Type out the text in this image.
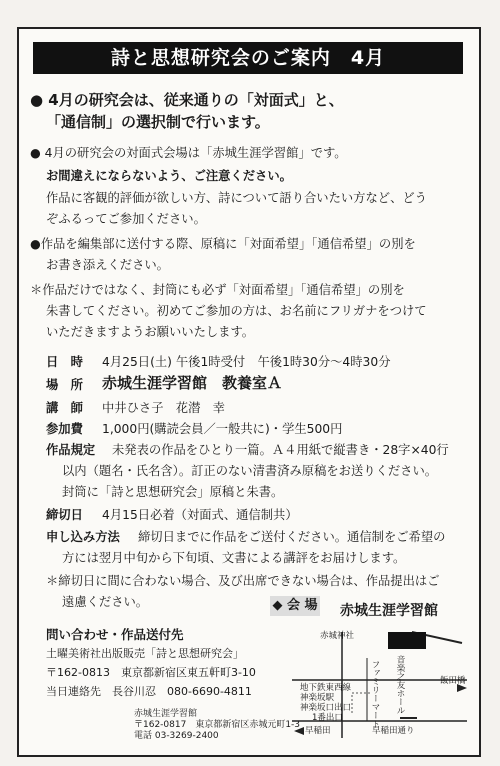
詩と思想研究会のご案内　4月
● 4月の研究会は、従来通りの「対面式」と、
「通信制」の選択制で行います。
● 4月の研究会の対面式会場は「赤城生涯学習館」です。
お間違えにならないよう、ご注意ください。
作品に客観的評価が欲しい方、詩について語り合いたい方など、どう
ぞふるってご参加ください。
●作品を編集部に送付する際、原稿に「対面希望」「通信希望」の別を
お書き添えください。
＊作品だけではなく、封筒にも必ず「対面希望」「通信希望」の別を
朱書してください。初めてご参加の方は、お名前にフリガナをつけて
いただきますようお願いいたします。
日　時 4月25日(土) 午後1時受付　午後1時30分～4時30分
場　所 赤城生涯学習館　教養室Ａ
講　師 中井ひさ子　花潜　幸
参加費 1,000円(購読会員／一般共に)・学生500円
作品規定 未発表の作品をひとり一篇。Ａ４用紙で縦書き・28字×40行
以内（題名・氏名含）。訂正のない清書済み原稿をお送りください。
封筒に「詩と思想研究会」原稿と朱書。
締切日 4月15日必着（対面式、通信制共）
申し込み方法 締切日までに作品をご送付ください。通信制をご希望の
方には翌月中旬から下旬頃、文書による講評をお届けします。
＊締切日に間に合わない場合、及び出席できない場合は、作品提出はご
遠慮ください。
問い合わせ・作品送付先
土曜美術社出版販売「詩と思想研究会」
〒162-0813　東京都新宿区東五軒町3-10
当日連絡先　長谷川忍　080-6690-4811
赤城生涯学習館
〒162-0817　東京都新宿区赤城元町1-3
電話 03-3269-2400
◆ 会 場 赤城生涯学習館
赤城神社
ファミリーマート 音楽之友ホール
地下鉄東西線
神楽坂駅
神楽坂口出口
1番出口
飯田橋
早稲田	早稲田通り
